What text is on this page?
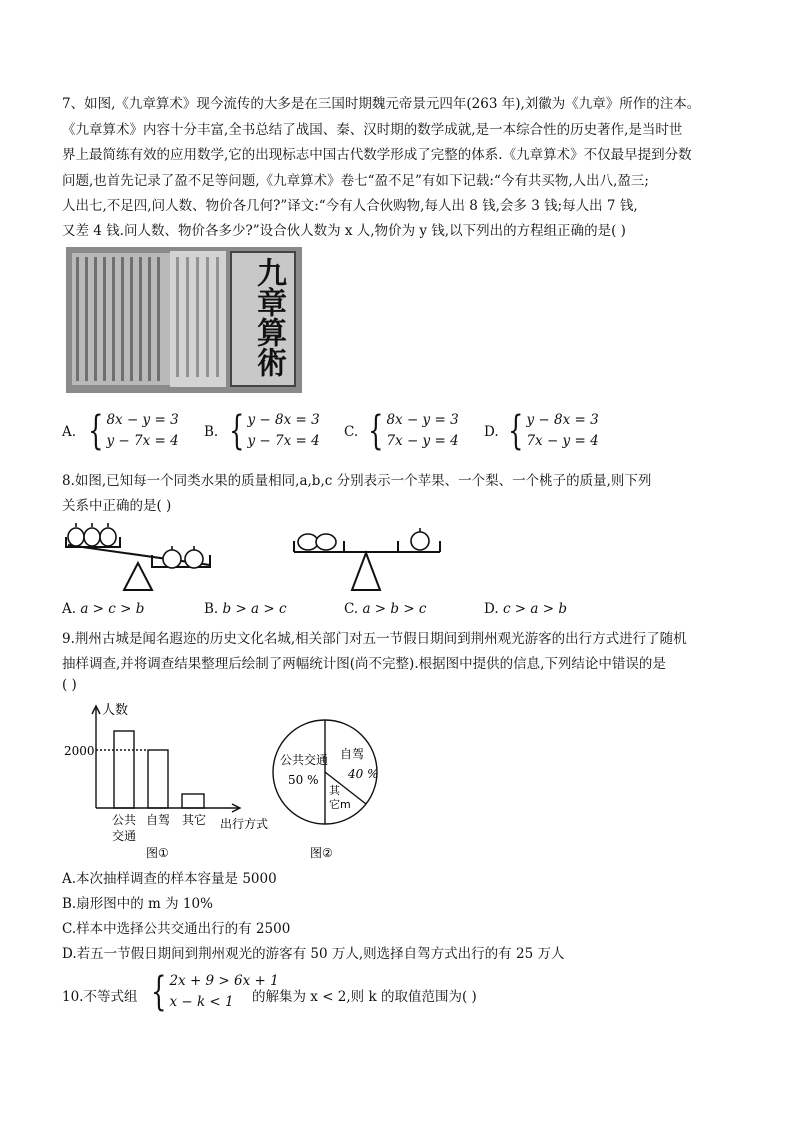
7、如图,《九章算术》现今流传的大多是在三国时期魏元帝景元四年(263 年),刘徽为《九章》所作的注本。
《九章算术》内容十分丰富,全书总结了战国、秦、汉时期的数学成就,是一本综合性的历史著作,是当时世
界上最简练有效的应用数学,它的出现标志中国古代数学形成了完整的体系.《九章算术》不仅最早提到分数
问题,也首先记录了盈不足等问题,《九章算术》卷七“盈不足”有如下记载:“今有共买物,人出八,盈三;
人出七,不足四,问人数、物价各几何?”译文:“今有人合伙购物,每人出 8 钱,会多 3 钱;每人出 7 钱,
又差 4 钱.问人数、物价各多少?”设合伙人数为 x 人,物价为 y 钱,以下列出的方程组正确的是( )
九章算術
A. { 8x − y = 3
y − 7x = 4
B. { y − 8x = 3
y − 7x = 4
C. { 8x − y = 3
7x − y = 4
D. { y − 8x = 3
7x − y = 4
8.如图,已知每一个同类水果的质量相同,a,b,c 分别表示一个苹果、一个梨、一个桃子的质量,则下列
关系中正确的是( )
A. a > c > b	B. b > a > c	C. a > b > c	D. c > a > b
9.荆州古城是闻名遐迩的历史文化名城,相关部门对五一节假日期间到荆州观光游客的出行方式进行了随机
抽样调查,并将调查结果整理后绘制了两幅统计图(尚不完整).根据图中提供的信息,下列结论中错误的是
( )
人数
2000
公共
交通
自驾 其它 出行方式
图①
公共交通
50 %
自驾
40 %
它m
其
图②
A.本次抽样调查的样本容量是 5000
B.扇形图中的 m 为 10%
C.样本中选择公共交通出行的有 2500
D.若五一节假日期间到荆州观光的游客有 50 万人,则选择自驾方式出行的有 25 万人
10.不等式组 { 2x + 9 > 6x + 1
x − k < 1	的解集为 x < 2,则 k 的取值范围为( )
